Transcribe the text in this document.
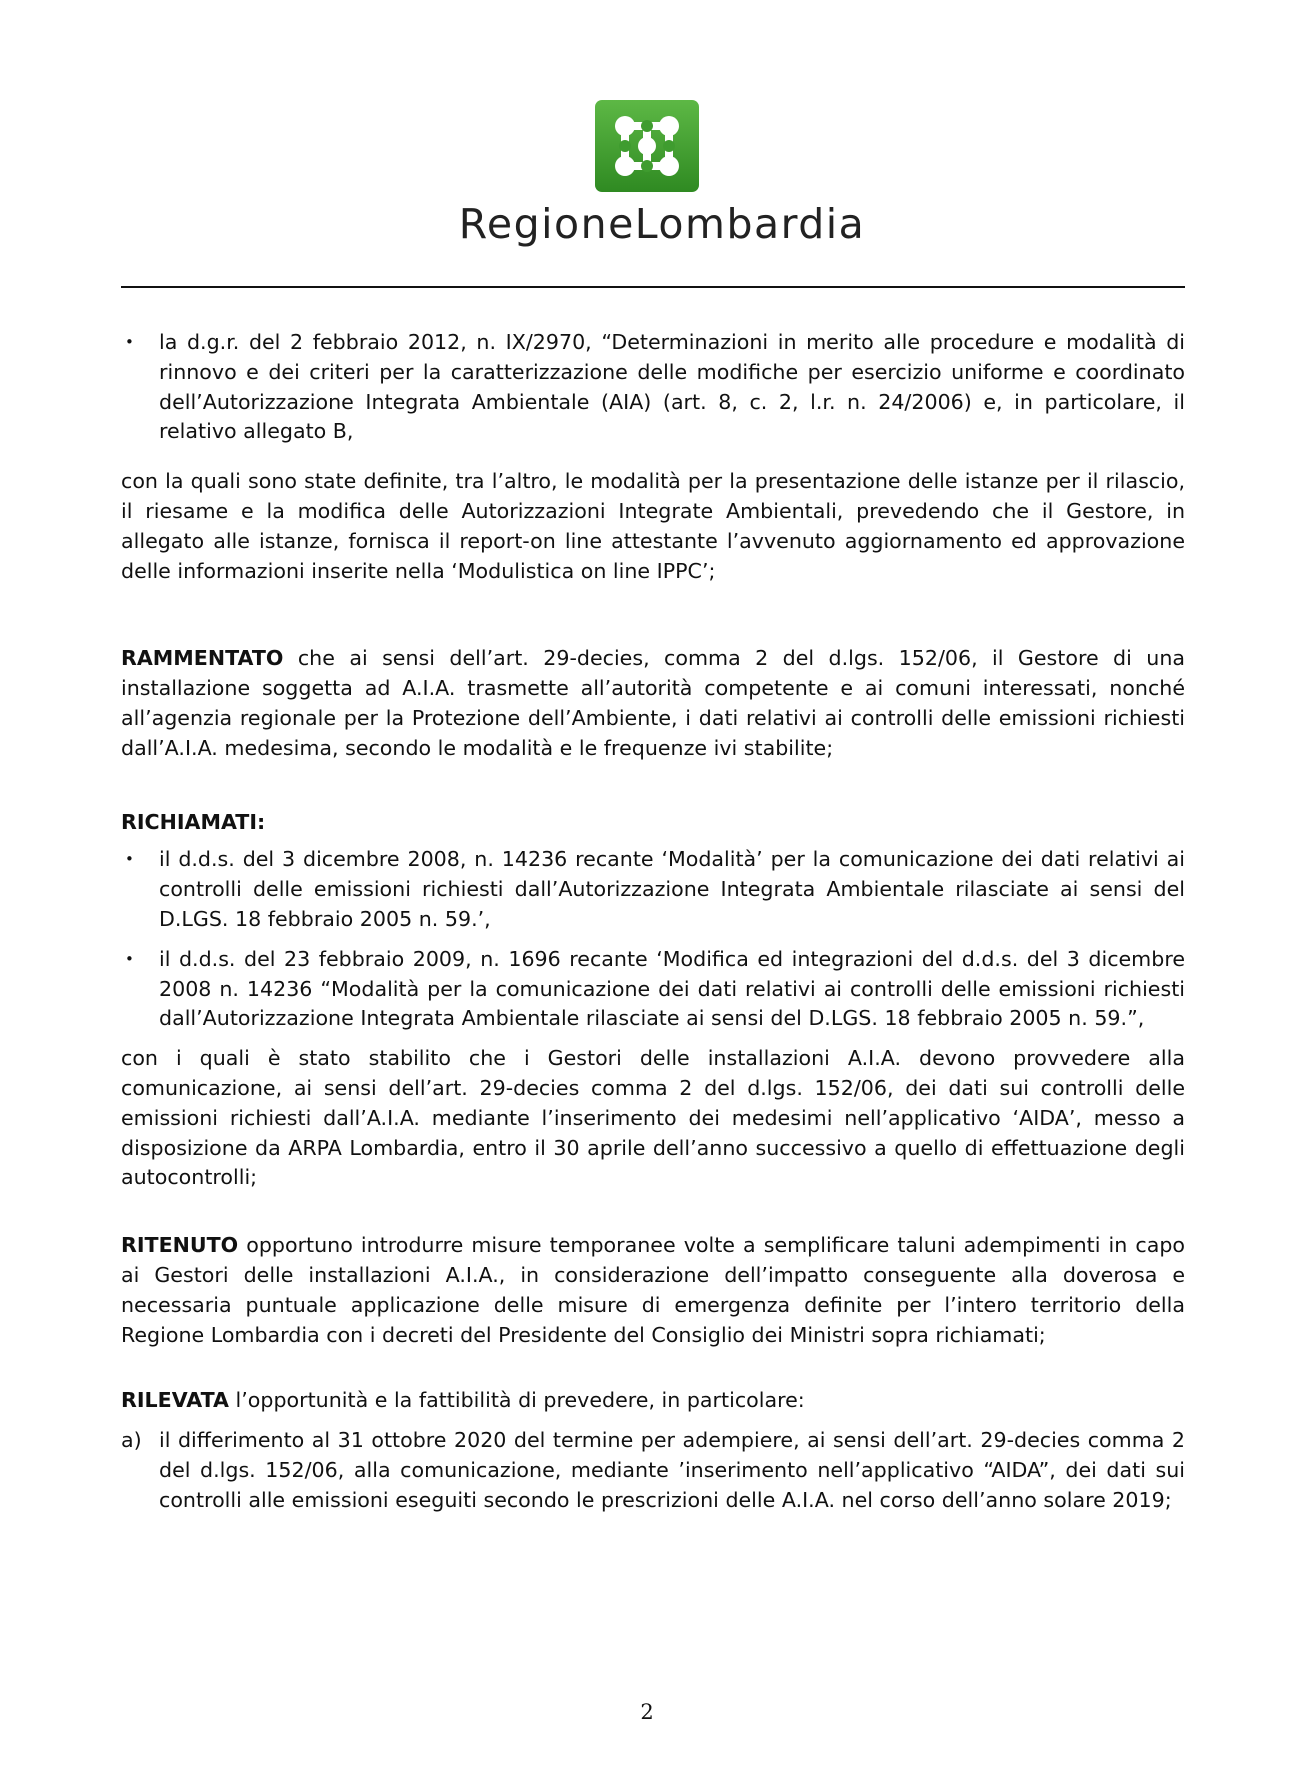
RegioneLombardia
•	la d.g.r. del 2 febbraio 2012, n. IX/2970, “Determinazioni in merito alle procedure e modalità di rinnovo e dei criteri per la caratterizzazione delle modifiche per esercizio uniforme e coordinato dell’Autorizzazione Integrata Ambientale (AIA) (art. 8, c. 2, l.r. n. 24/2006) e, in particolare, il relativo allegato B,

con la quali sono state definite, tra l’altro, le modalità per la presentazione delle istanze per il rilascio, il riesame e la modifica delle Autorizzazioni Integrate Ambientali, prevedendo che il Gestore, in allegato alle istanze, fornisca il report-on line attestante l’avvenuto aggiornamento ed approvazione delle informazioni inserite nella ‘Modulistica on line IPPC’;

RAMMENTATO che ai sensi dell’art. 29-decies, comma 2 del d.lgs. 152/06, il Gestore di una installazione soggetta ad A.I.A. trasmette all’autorità competente e ai comuni interessati, nonché all’agenzia regionale per la Protezione dell’Ambiente, i dati relativi ai controlli delle emissioni richiesti dall’A.I.A. medesima, secondo le modalità e le frequenze ivi stabilite;

RICHIAMATI:

•	il d.d.s. del 3 dicembre 2008, n. 14236 recante ‘Modalità’ per la comunicazione dei dati relativi ai controlli delle emissioni richiesti dall’Autorizzazione Integrata Ambientale rilasciate ai sensi del D.LGS. 18 febbraio 2005 n. 59.’,
•	il d.d.s. del 23 febbraio 2009, n. 1696 recante ‘Modifica ed integrazioni del d.d.s. del 3 dicembre 2008 n. 14236 “Modalità per la comunicazione dei dati relativi ai controlli delle emissioni richiesti dall’Autorizzazione Integrata Ambientale rilasciate ai sensi del D.LGS. 18 febbraio 2005 n. 59.”,

con i quali è stato stabilito che i Gestori delle installazioni A.I.A. devono provvedere alla comunicazione, ai sensi dell’art. 29-decies comma 2 del d.lgs. 152/06, dei dati sui controlli delle emissioni richiesti dall’A.I.A. mediante l’inserimento dei medesimi nell’applicativo ‘AIDA’, messo a disposizione da ARPA Lombardia, entro il 30 aprile dell’anno successivo a quello di effettuazione degli autocontrolli;

RITENUTO opportuno introdurre misure temporanee volte a semplificare taluni adempimenti in capo ai Gestori delle installazioni A.I.A., in considerazione dell’impatto conseguente alla doverosa e necessaria puntuale applicazione delle misure di emergenza definite per l’intero territorio della Regione Lombardia con i decreti del Presidente del Consiglio dei Ministri sopra richiamati;

RILEVATA l’opportunità e la fattibilità di prevedere, in particolare:

a) il differimento al 31 ottobre 2020 del termine per adempiere, ai sensi dell’art. 29-decies comma 2 del d.lgs. 152/06, alla comunicazione, mediante ’inserimento nell’applicativo “AIDA”, dei dati sui controlli alle emissioni eseguiti secondo le prescrizioni delle A.I.A. nel corso dell’anno solare 2019;
2
